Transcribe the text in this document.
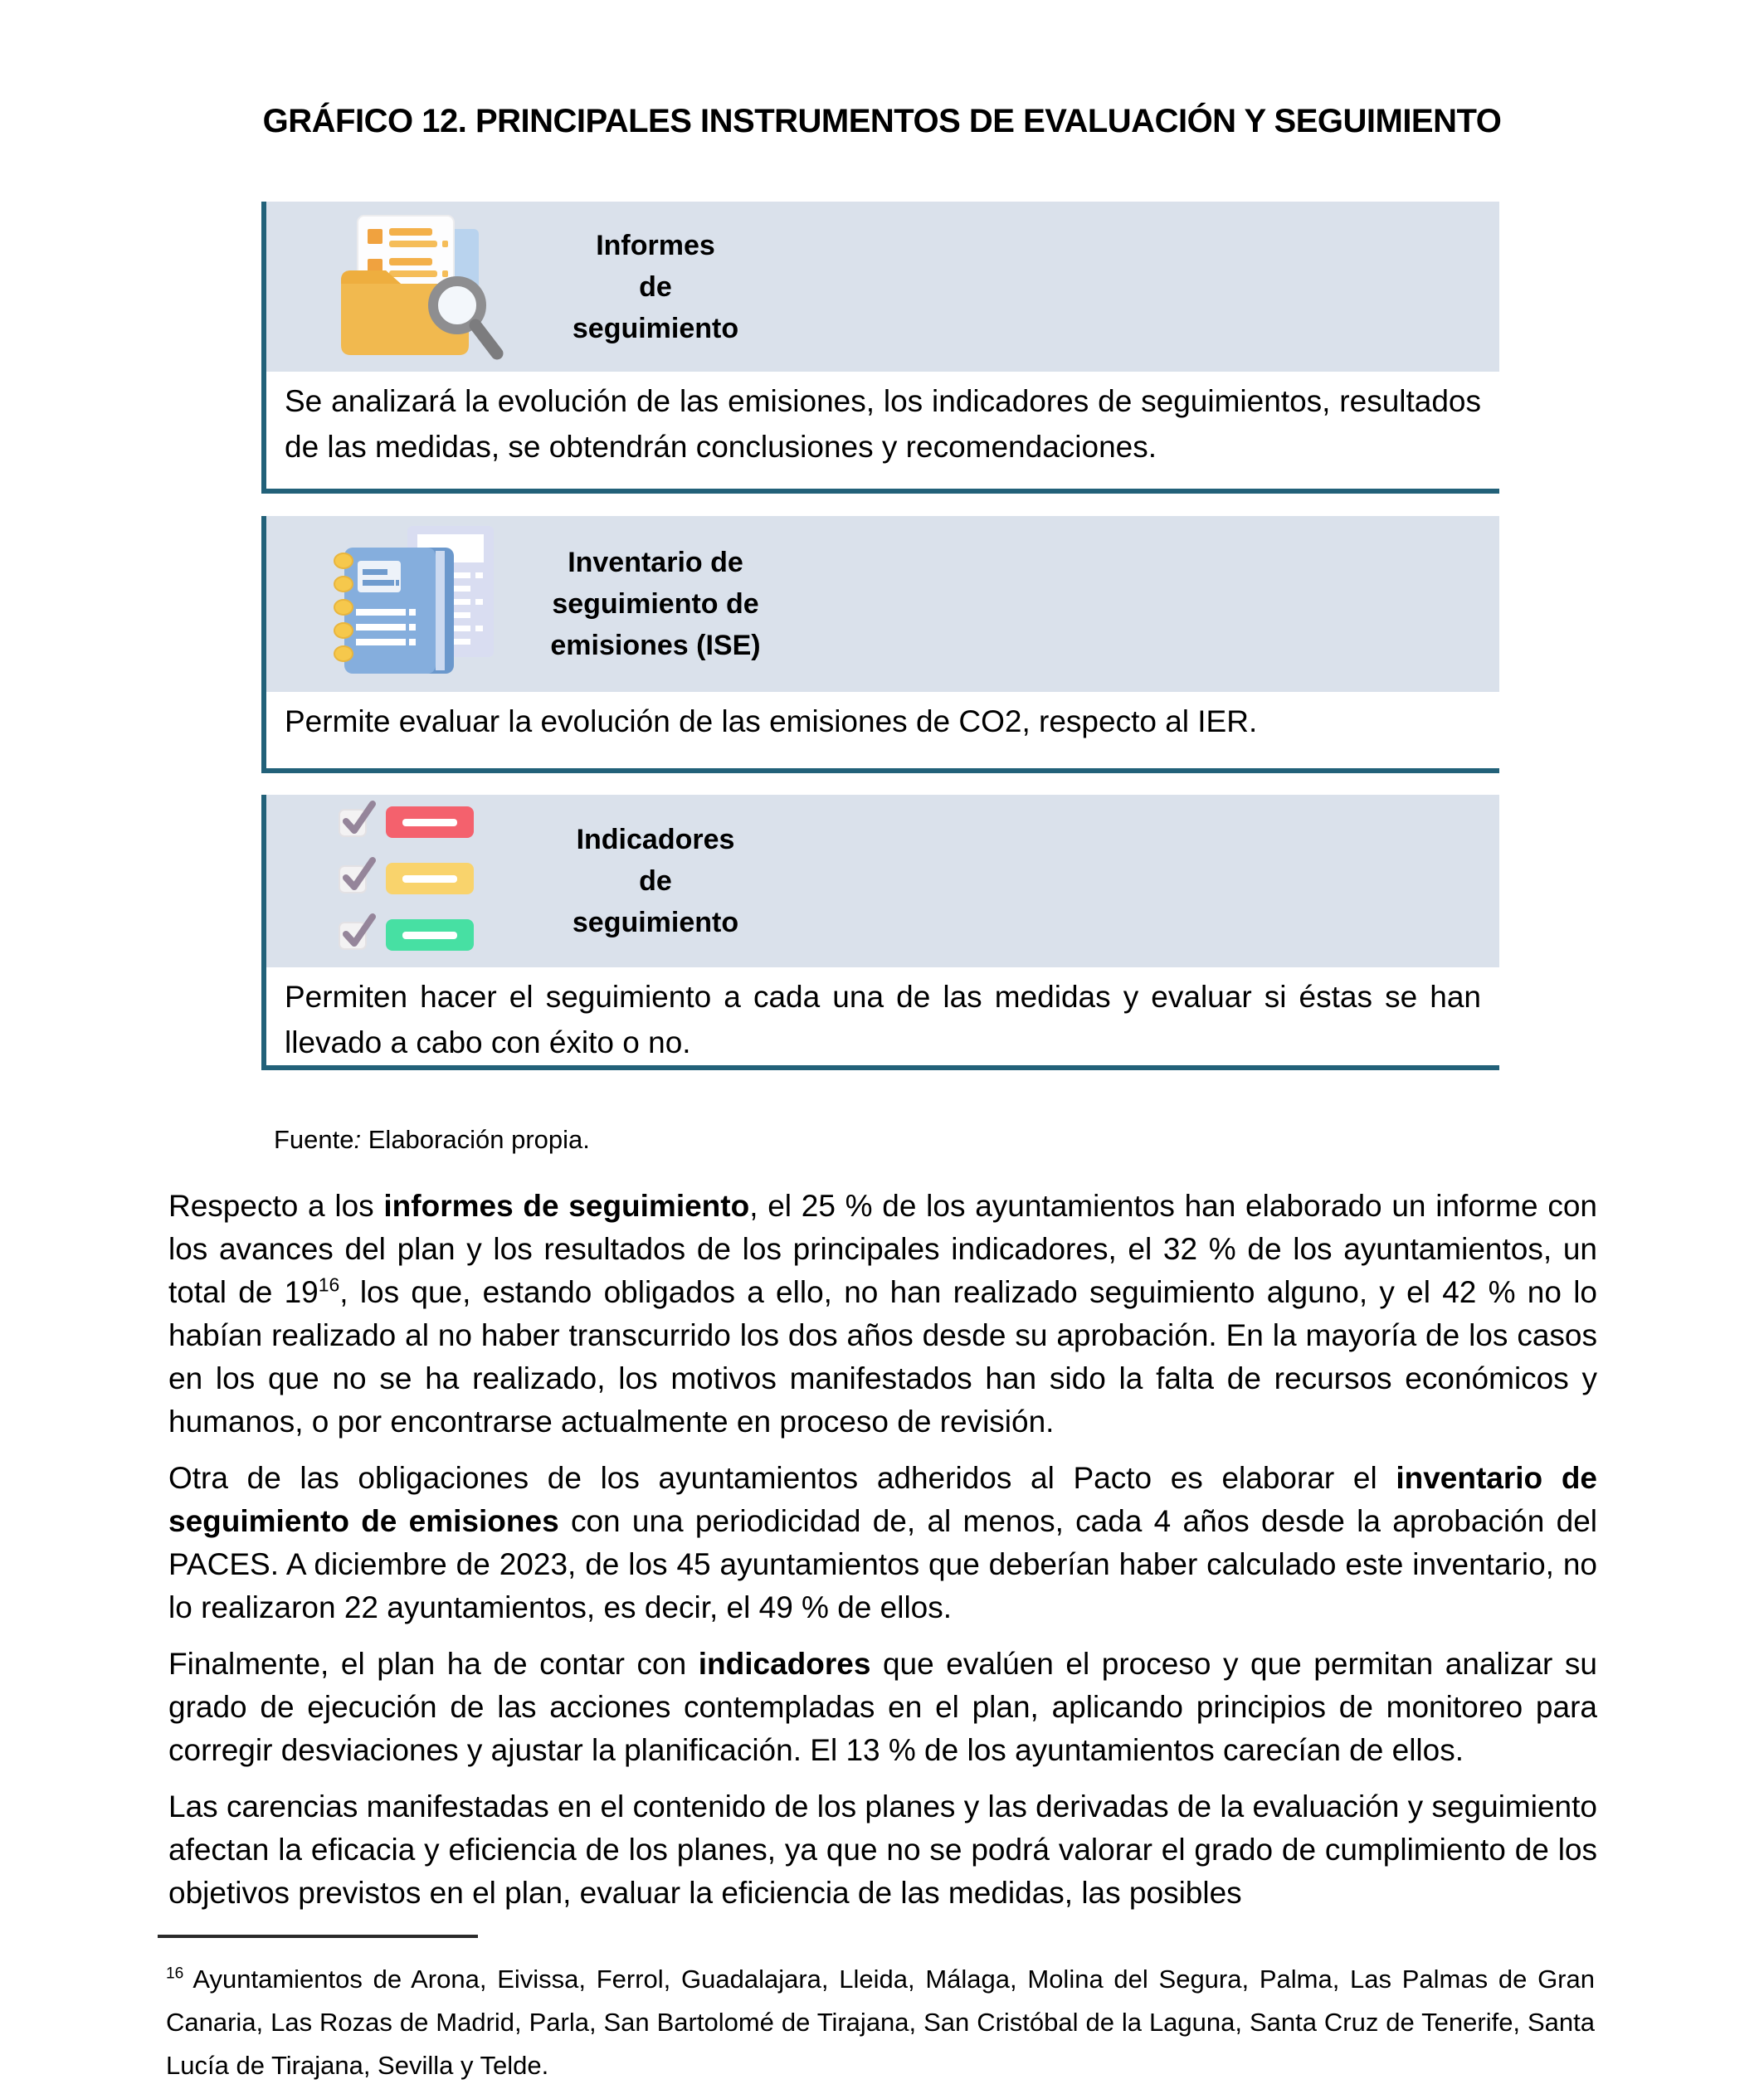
GRÁFICO 12. PRINCIPALES INSTRUMENTOS DE EVALUACIÓN Y SEGUIMIENTO
Informes
de
seguimiento
Se analizará la evolución de las emisiones, los indicadores de seguimientos, resultados de las medidas, se obtendrán conclusiones y recomendaciones.
Inventario de
seguimiento de
emisiones (ISE)
Permite evaluar la evolución de las emisiones de CO2, respecto al IER.
Indicadores
de
seguimiento
Permiten hacer el seguimiento a cada una de las medidas y evaluar si éstas se han llevado a cabo con éxito o no.
Fuente: Elaboración propia.

Respecto a los informes de seguimiento, el 25 % de los ayuntamientos han elaborado un informe con los avances del plan y los resultados de los principales indicadores, el 32 % de los ayuntamientos, un total de $19^{16}$, los que, estando obligados a ello, no han realizado seguimiento alguno, y el 42 % no lo habían realizado al no haber transcurrido los dos años desde su aprobación. En la mayoría de los casos en los que no se ha realizado, los motivos manifestados han sido la falta de recursos económicos y humanos, o por encontrarse actualmente en proceso de revisión.

Otra de las obligaciones de los ayuntamientos adheridos al Pacto es elaborar el inventario de seguimiento de emisiones con una periodicidad de, al menos, cada 4 años desde la aprobación del PACES. A diciembre de 2023, de los 45 ayuntamientos que deberían haber calculado este inventario, no lo realizaron 22 ayuntamientos, es decir, el 49 % de ellos.

Finalmente, el plan ha de contar con indicadores que evalúen el proceso y que permitan analizar su grado de ejecución de las acciones contempladas en el plan, aplicando principios de monitoreo para corregir desviaciones y ajustar la planificación. El 13 % de los ayuntamientos carecían de ellos.

Las carencias manifestadas en el contenido de los planes y las derivadas de la evaluación y seguimiento afectan la eficacia y eficiencia de los planes, ya que no se podrá valorar el grado de cumplimiento de los objetivos previstos en el plan, evaluar la eficiencia de las medidas, las posibles

$^{16}$ Ayuntamientos de Arona, Eivissa, Ferrol, Guadalajara, Lleida, Málaga, Molina del Segura, Palma, Las Palmas de Gran Canaria, Las Rozas de Madrid, Parla, San Bartolomé de Tirajana, San Cristóbal de la Laguna, Santa Cruz de Tenerife, Santa Lucía de Tirajana, Sevilla y Telde.
